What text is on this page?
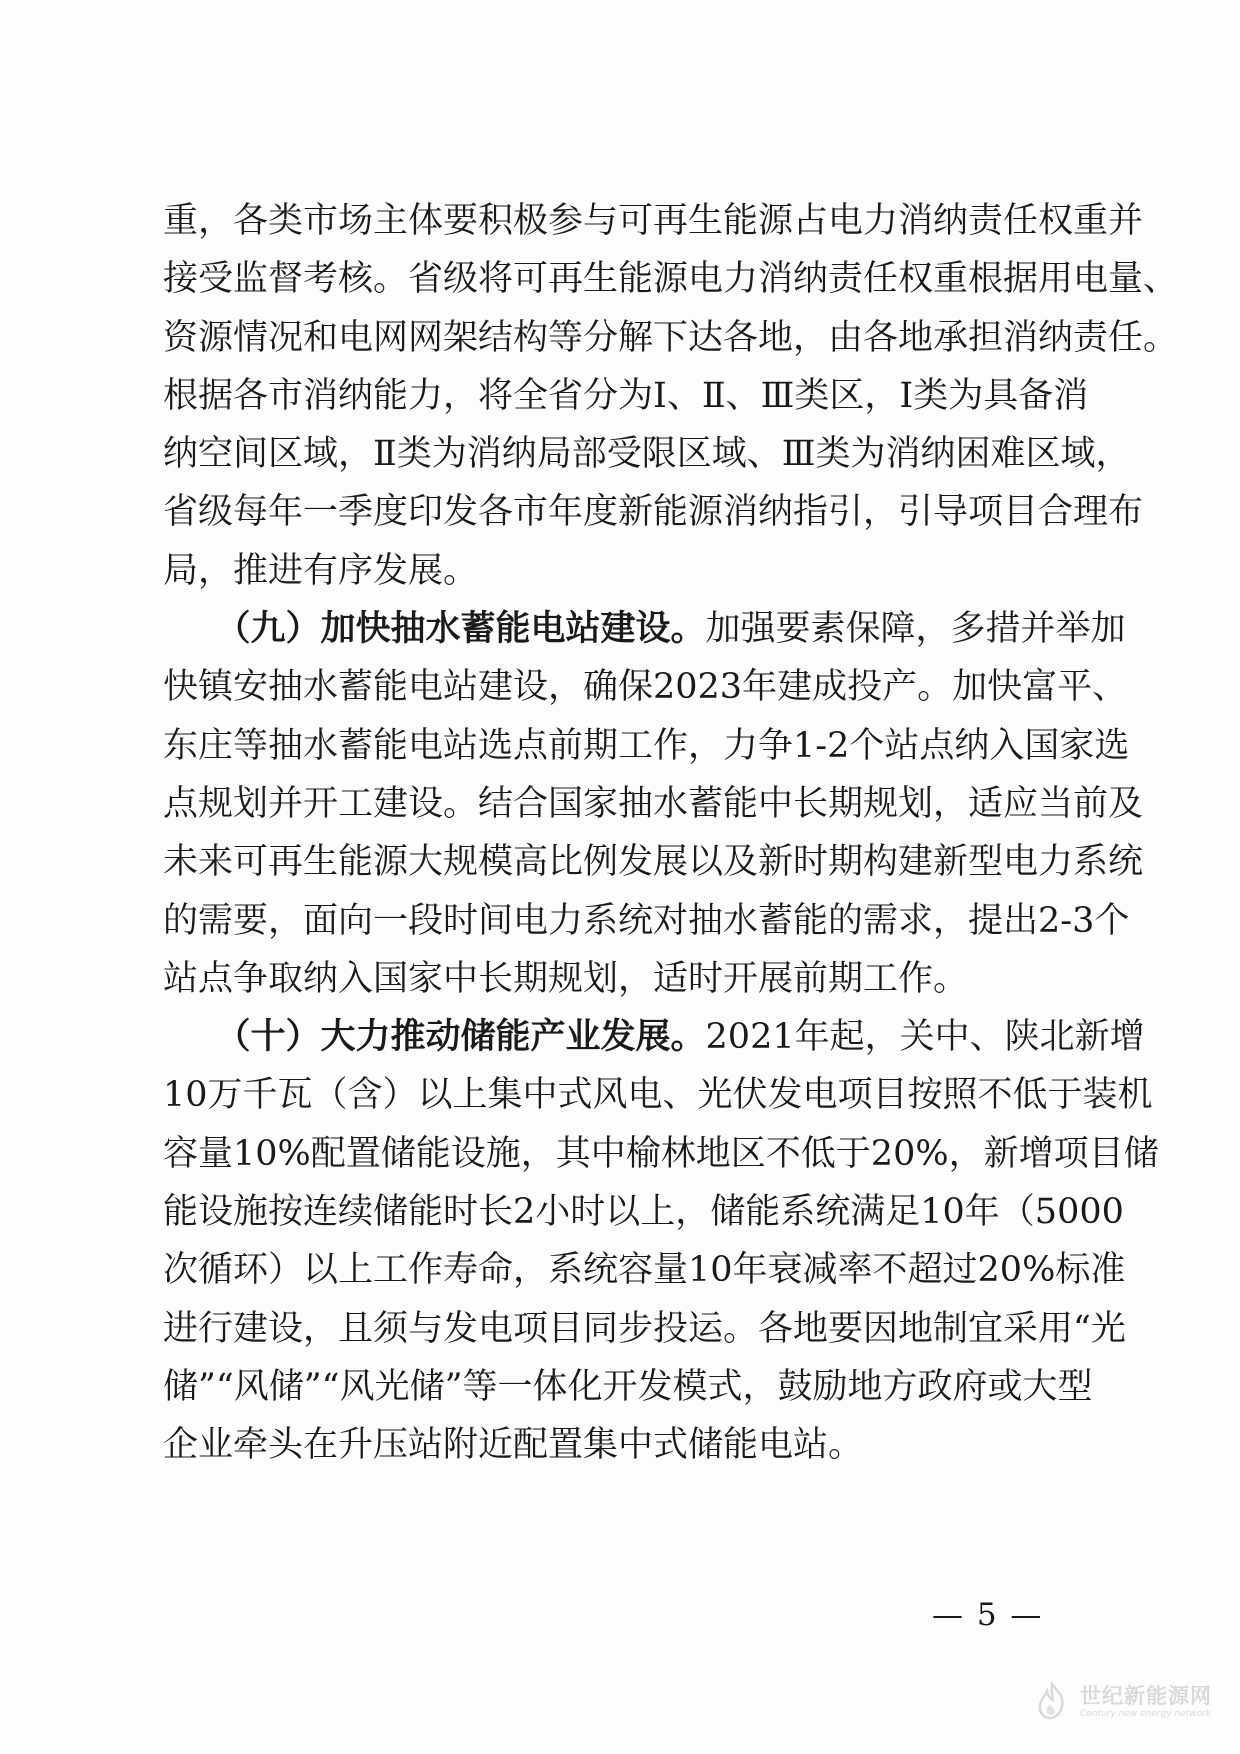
重，各类市场主体要积极参与可再生能源占电力消纳责任权重并
接受监督考核。省级将可再生能源电力消纳责任权重根据用电量、
资源情况和电网网架结构等分解下达各地，由各地承担消纳责任。
根据各市消纳能力，将全省分为Ⅰ、Ⅱ、Ⅲ类区，Ⅰ类为具备消
纳空间区域，Ⅱ类为消纳局部受限区域、Ⅲ类为消纳困难区域，
省级每年一季度印发各市年度新能源消纳指引，引导项目合理布
局，推进有序发展。
　　（九）加快抽水蓄能电站建设。加强要素保障，多措并举加
快镇安抽水蓄能电站建设，确保2023年建成投产。加快富平、
东庄等抽水蓄能电站选点前期工作，力争1-2个站点纳入国家选
点规划并开工建设。结合国家抽水蓄能中长期规划，适应当前及
未来可再生能源大规模高比例发展以及新时期构建新型电力系统
的需要，面向一段时间电力系统对抽水蓄能的需求，提出2-3个
站点争取纳入国家中长期规划，适时开展前期工作。
　　（十）大力推动储能产业发展。2021年起，关中、陕北新增
10万千瓦（含）以上集中式风电、光伏发电项目按照不低于装机
容量10%配置储能设施，其中榆林地区不低于20%，新增项目储
能设施按连续储能时长2小时以上，储能系统满足10年（5000
次循环）以上工作寿命，系统容量10年衰减率不超过20%标准
进行建设，且须与发电项目同步投运。各地要因地制宜采用“光
储”“风储”“风光储”等一体化开发模式，鼓励地方政府或大型
企业牵头在升压站附近配置集中式储能电站。
— 5 —
世纪新能源网
Century new energy network
